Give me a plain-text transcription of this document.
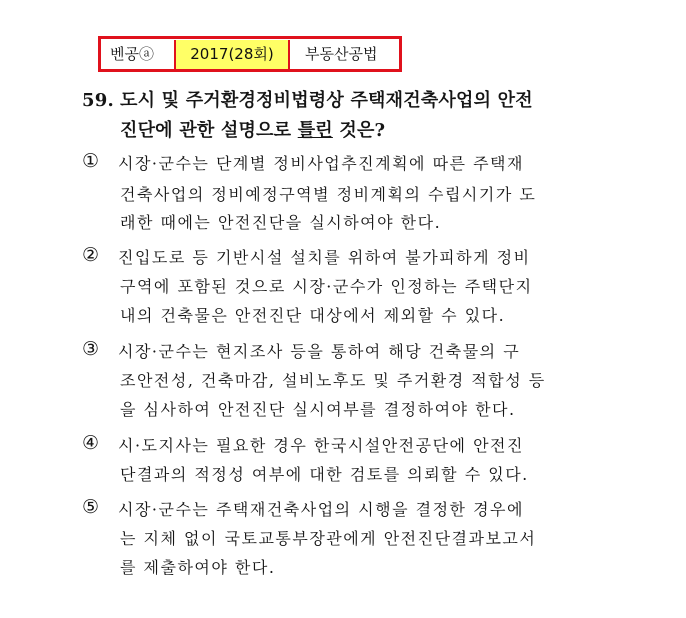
벤공ⓐ	2017(28회)	부동산공법
59. 도시 및 주거환경정비법령상 주택재건축사업의 안전
진단에 관한 설명으로 틀린 것은?
① 시장·군수는 단계별 정비사업추진계획에 따른 주택재
건축사업의 정비예정구역별 정비계획의 수립시기가 도
래한 때에는 안전진단을 실시하여야 한다.
② 진입도로 등 기반시설 설치를 위하여 불가피하게 정비
구역에 포함된 것으로 시장·군수가 인정하는 주택단지
내의 건축물은 안전진단 대상에서 제외할 수 있다.
③ 시장·군수는 현지조사 등을 통하여 해당 건축물의 구
조안전성, 건축마감, 설비노후도 및 주거환경 적합성 등
을 심사하여 안전진단 실시여부를 결정하여야 한다.
④ 시·도지사는 필요한 경우 한국시설안전공단에 안전진
단결과의 적정성 여부에 대한 검토를 의뢰할 수 있다.
⑤ 시장·군수는 주택재건축사업의 시행을 결정한 경우에
는 지체 없이 국토교통부장관에게 안전진단결과보고서
를 제출하여야 한다.
